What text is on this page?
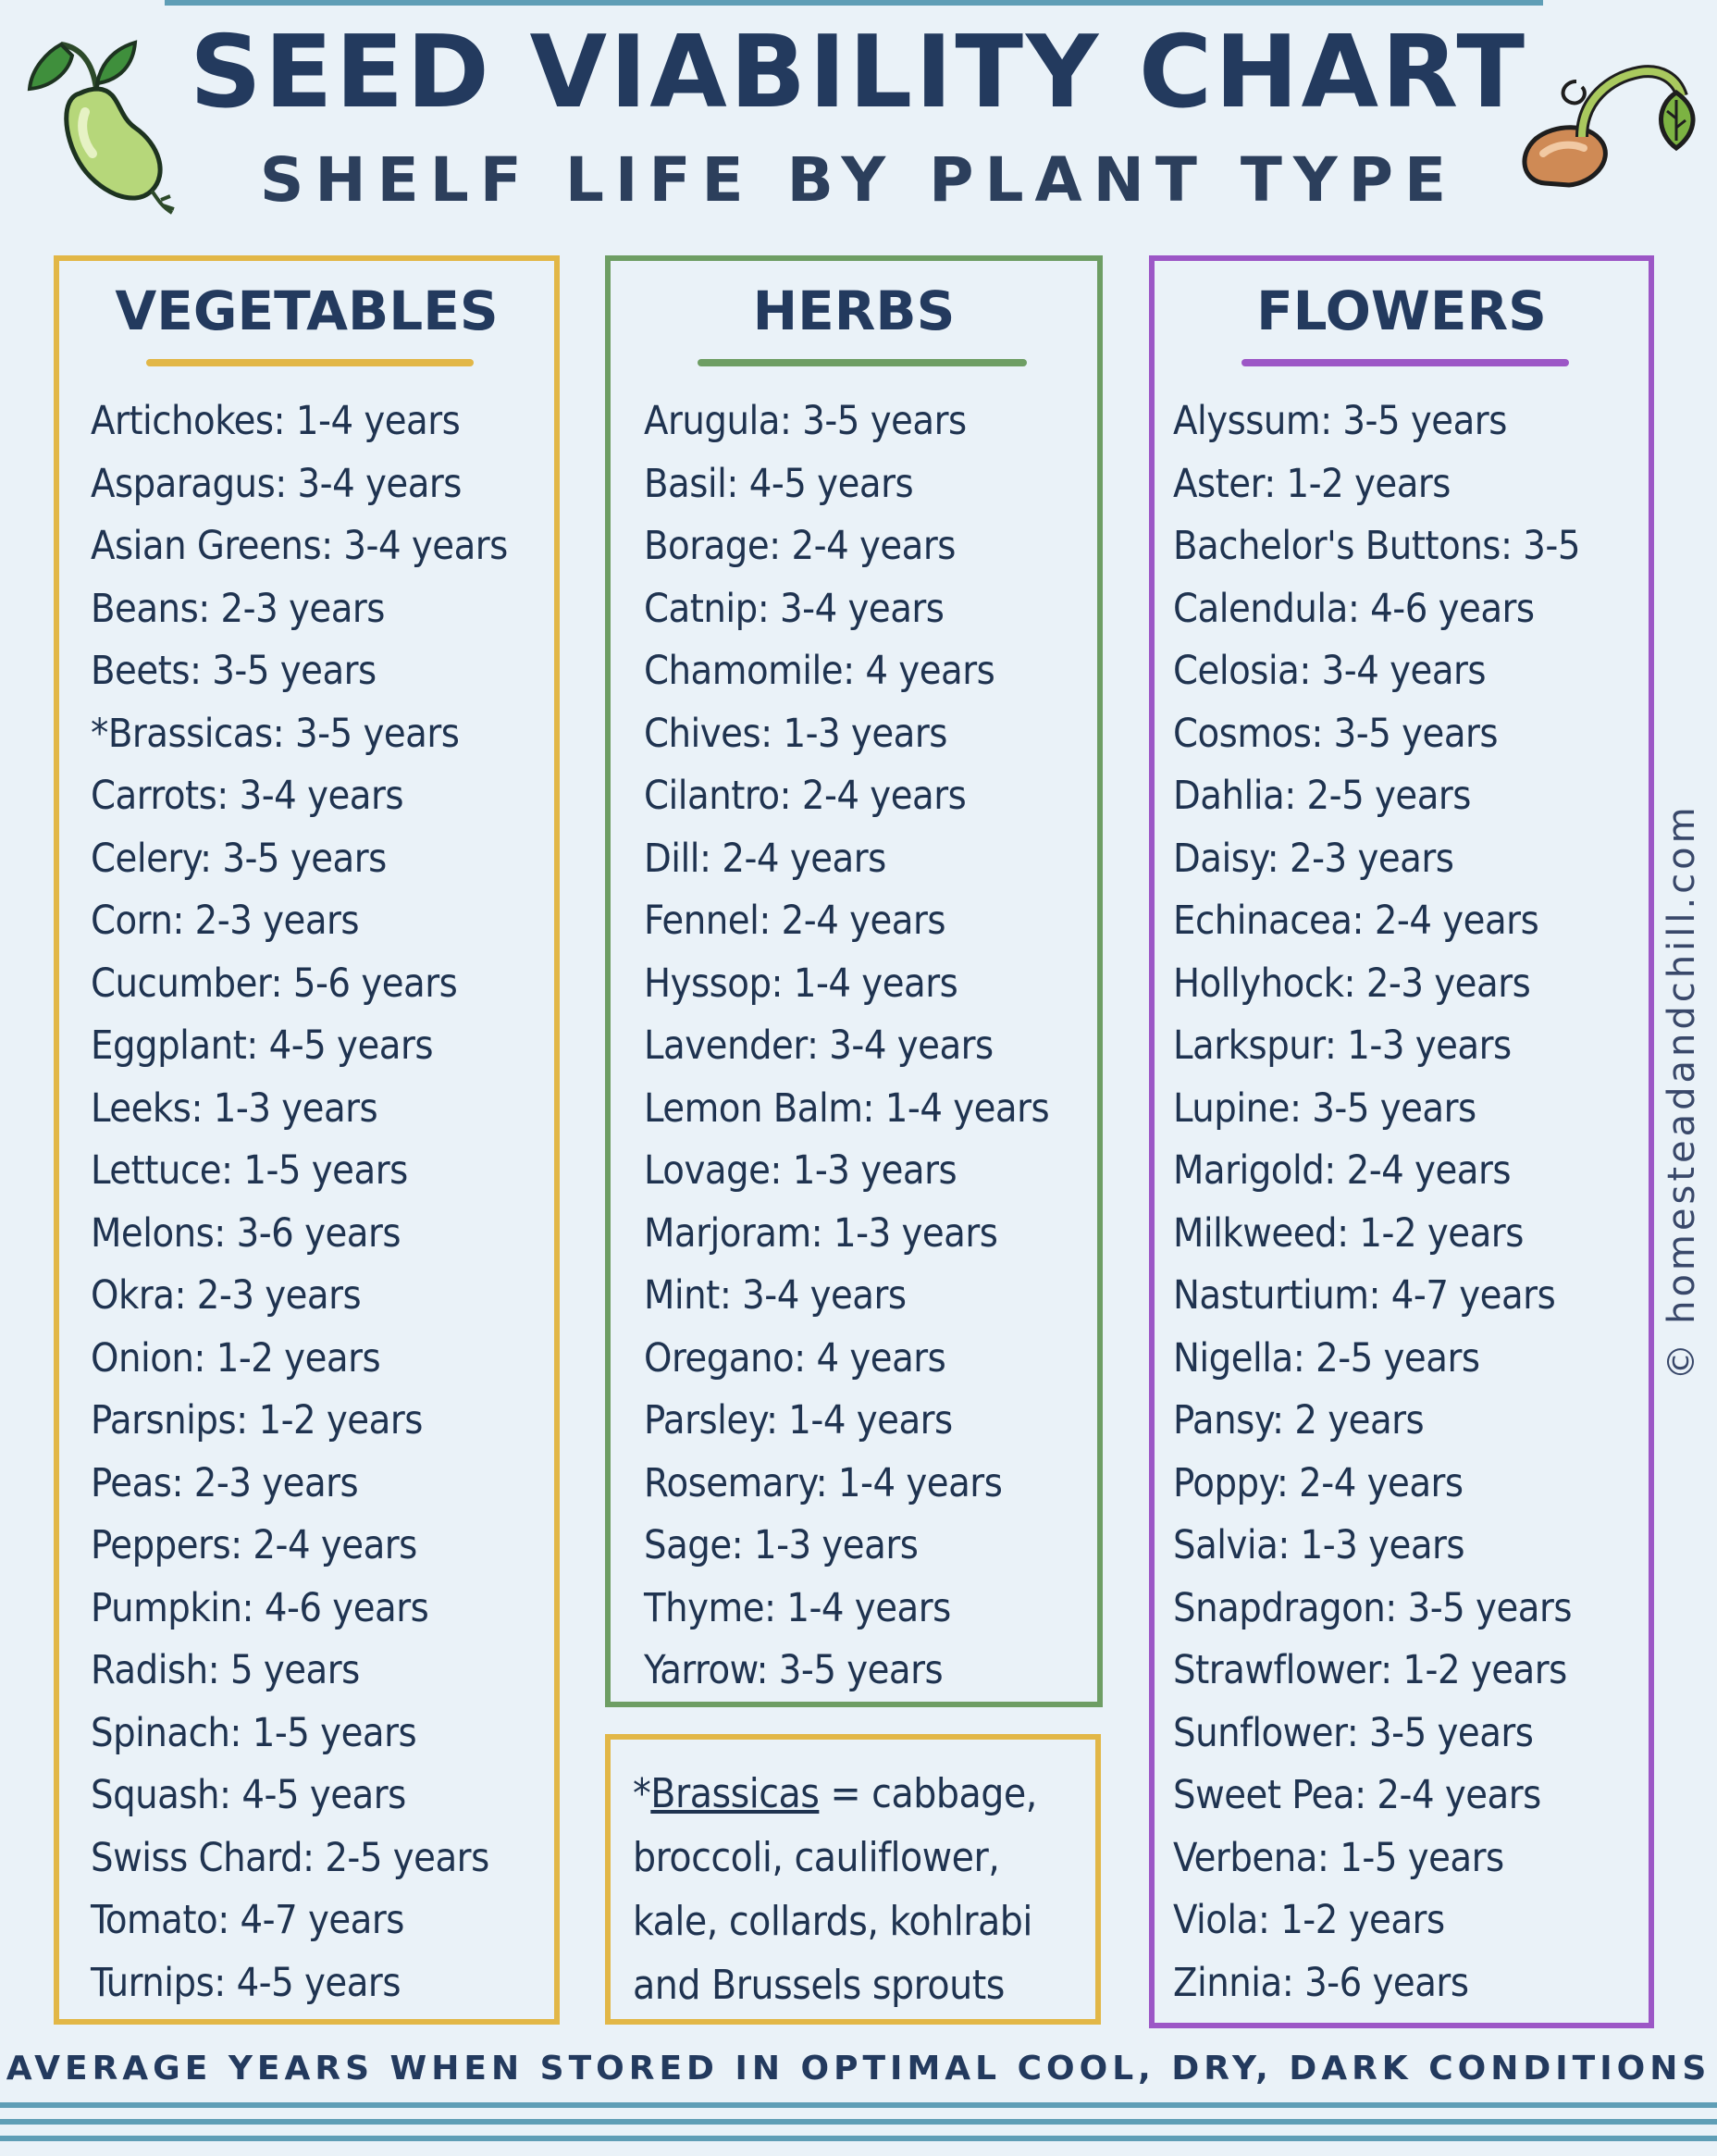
SEED VIABILITY CHART
SHELF LIFE BY PLANT TYPE
VEGETABLES
Artichokes: 1-4 years
Asparagus: 3-4 years
Asian Greens: 3-4 years
Beans: 2-3 years
Beets: 3-5 years
*Brassicas: 3-5 years
Carrots: 3-4 years
Celery: 3-5 years
Corn: 2-3 years
Cucumber: 5-6 years
Eggplant: 4-5 years
Leeks: 1-3 years
Lettuce: 1-5 years
Melons: 3-6 years
Okra: 2-3 years
Onion: 1-2 years
Parsnips: 1-2 years
Peas: 2-3 years
Peppers: 2-4 years
Pumpkin: 4-6 years
Radish: 5 years
Spinach: 1-5 years
Squash: 4-5 years
Swiss Chard: 2-5 years
Tomato: 4-7 years
Turnips: 4-5 years
HERBS
Arugula: 3-5 years
Basil: 4-5 years
Borage: 2-4 years
Catnip: 3-4 years
Chamomile: 4 years
Chives: 1-3 years
Cilantro: 2-4 years
Dill: 2-4 years
Fennel: 2-4 years
Hyssop: 1-4 years
Lavender: 3-4 years
Lemon Balm: 1-4 years
Lovage: 1-3 years
Marjoram: 1-3 years
Mint: 3-4 years
Oregano: 4 years
Parsley: 1-4 years
Rosemary: 1-4 years
Sage: 1-3 years
Thyme: 1-4 years
Yarrow: 3-5 years
FLOWERS
Alyssum: 3-5 years
Aster: 1-2 years
Bachelor's Buttons: 3-5
Calendula: 4-6 years
Celosia: 3-4 years
Cosmos: 3-5 years
Dahlia: 2-5 years
Daisy: 2-3 years
Echinacea: 2-4 years
Hollyhock: 2-3 years
Larkspur: 1-3 years
Lupine: 3-5 years
Marigold: 2-4 years
Milkweed: 1-2 years
Nasturtium: 4-7 years
Nigella: 2-5 years
Pansy: 2 years
Poppy: 2-4 years
Salvia: 1-3 years
Snapdragon: 3-5 years
Strawflower: 1-2 years
Sunflower: 3-5 years
Sweet Pea: 2-4 years
Verbena: 1-5 years
Viola: 1-2 years
Zinnia: 3-6 years
*Brassicas = cabbage, broccoli, cauliflower, kale, collards, kohlrabi and Brussels sprouts
© homesteadandchill.com
AVERAGE YEARS WHEN STORED IN OPTIMAL COOL, DRY, DARK CONDITIONS
